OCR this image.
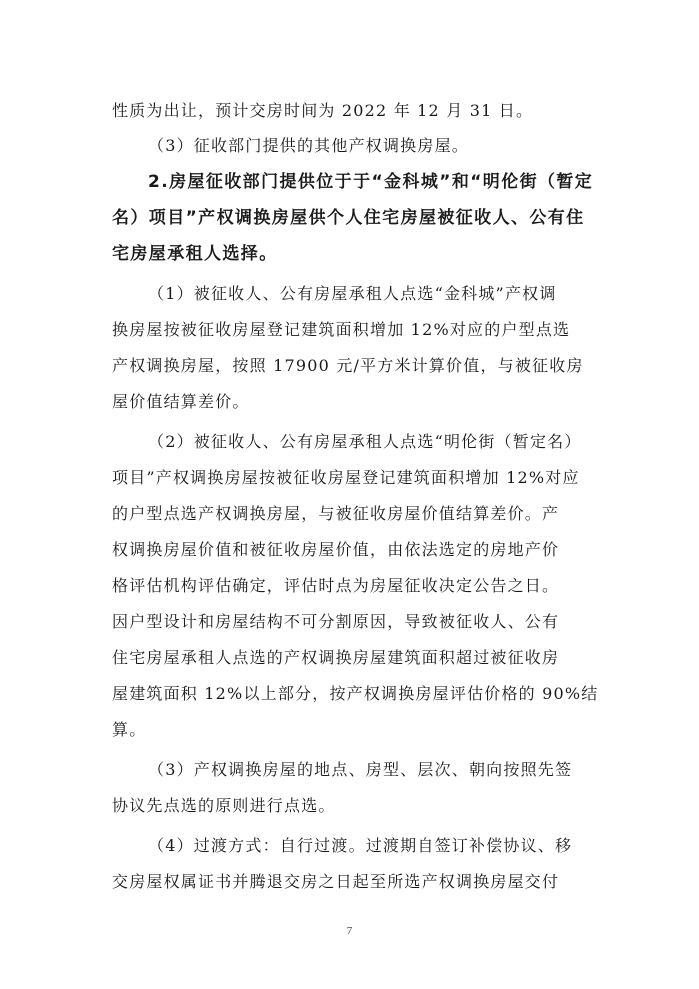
性质为出让，预计交房时间为 2022 年 12 月 31 日。
（3）征收部门提供的其他产权调换房屋。
2.房屋征收部门提供位于于“金科城”和“明伦街（暂定
名）项目”产权调换房屋供个人住宅房屋被征收人、公有住
宅房屋承租人选择。
（1）被征收人、公有房屋承租人点选“金科城”产权调
换房屋按被征收房屋登记建筑面积增加 12%对应的户型点选
产权调换房屋，按照 17900 元/平方米计算价值，与被征收房
屋价值结算差价。
（2）被征收人、公有房屋承租人点选“明伦街（暂定名）
项目”产权调换房屋按被征收房屋登记建筑面积增加 12%对应
的户型点选产权调换房屋，与被征收房屋价值结算差价。产
权调换房屋价值和被征收房屋价值，由依法选定的房地产价
格评估机构评估确定，评估时点为房屋征收决定公告之日。
因户型设计和房屋结构不可分割原因，导致被征收人、公有
住宅房屋承租人点选的产权调换房屋建筑面积超过被征收房
屋建筑面积 12%以上部分，按产权调换房屋评估价格的 90%结
算。
（3）产权调换房屋的地点、房型、层次、朝向按照先签
协议先点选的原则进行点选。
（4）过渡方式：自行过渡。过渡期自签订补偿协议、移
交房屋权属证书并腾退交房之日起至所选产权调换房屋交付
7
